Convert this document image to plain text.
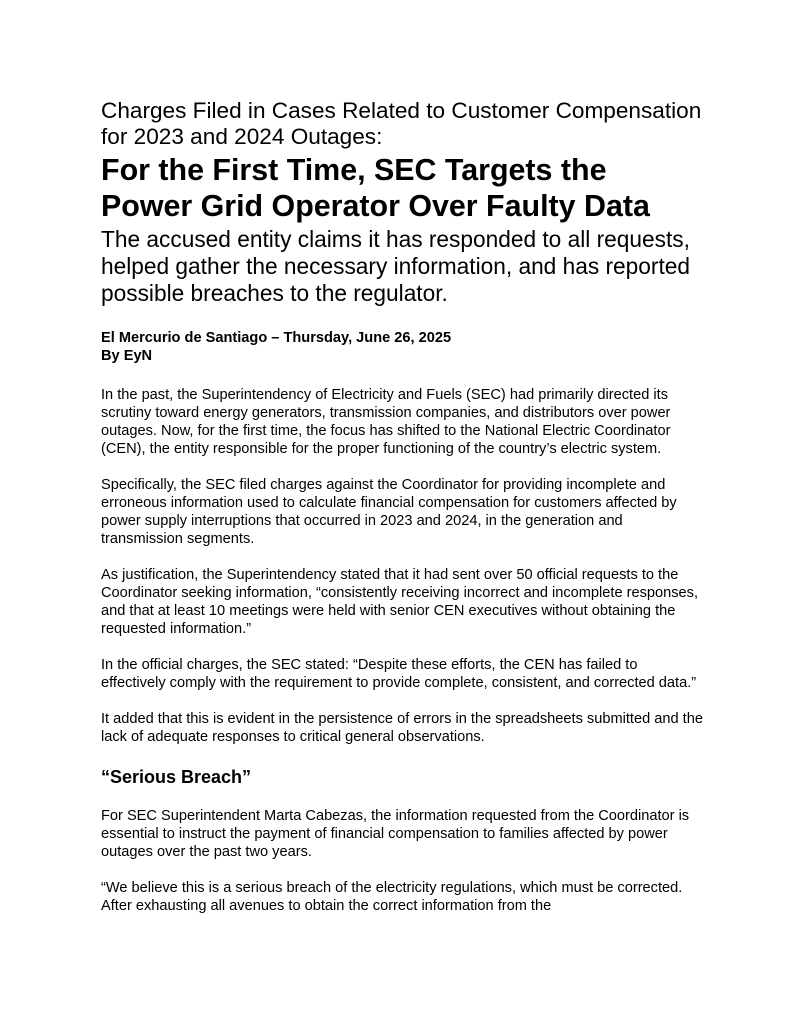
Charges Filed in Cases Related to Customer Compensation for 2023 and 2024 Outages:

For the First Time, SEC Targets the Power Grid Operator Over Faulty Data

The accused entity claims it has responded to all requests, helped gather the necessary information, and has reported possible breaches to the regulator.

El Mercurio de Santiago – Thursday, June 26, 2025
By EyN

In the past, the Superintendency of Electricity and Fuels (SEC) had primarily directed its scrutiny toward energy generators, transmission companies, and distributors over power outages. Now, for the first time, the focus has shifted to the National Electric Coordinator (CEN), the entity responsible for the proper functioning of the country’s electric system.

Specifically, the SEC filed charges against the Coordinator for providing incomplete and erroneous information used to calculate financial compensation for customers affected by power supply interruptions that occurred in 2023 and 2024, in the generation and transmission segments.

As justification, the Superintendency stated that it had sent over 50 official requests to the Coordinator seeking information, “consistently receiving incorrect and incomplete responses, and that at least 10 meetings were held with senior CEN executives without obtaining the requested information.”

In the official charges, the SEC stated: “Despite these efforts, the CEN has failed to effectively comply with the requirement to provide complete, consistent, and corrected data.”

It added that this is evident in the persistence of errors in the spreadsheets submitted and the lack of adequate responses to critical general observations.

“Serious Breach”

For SEC Superintendent Marta Cabezas, the information requested from the Coordinator is essential to instruct the payment of financial compensation to families affected by power outages over the past two years.

“We believe this is a serious breach of the electricity regulations, which must be corrected. After exhausting all avenues to obtain the correct information from the
